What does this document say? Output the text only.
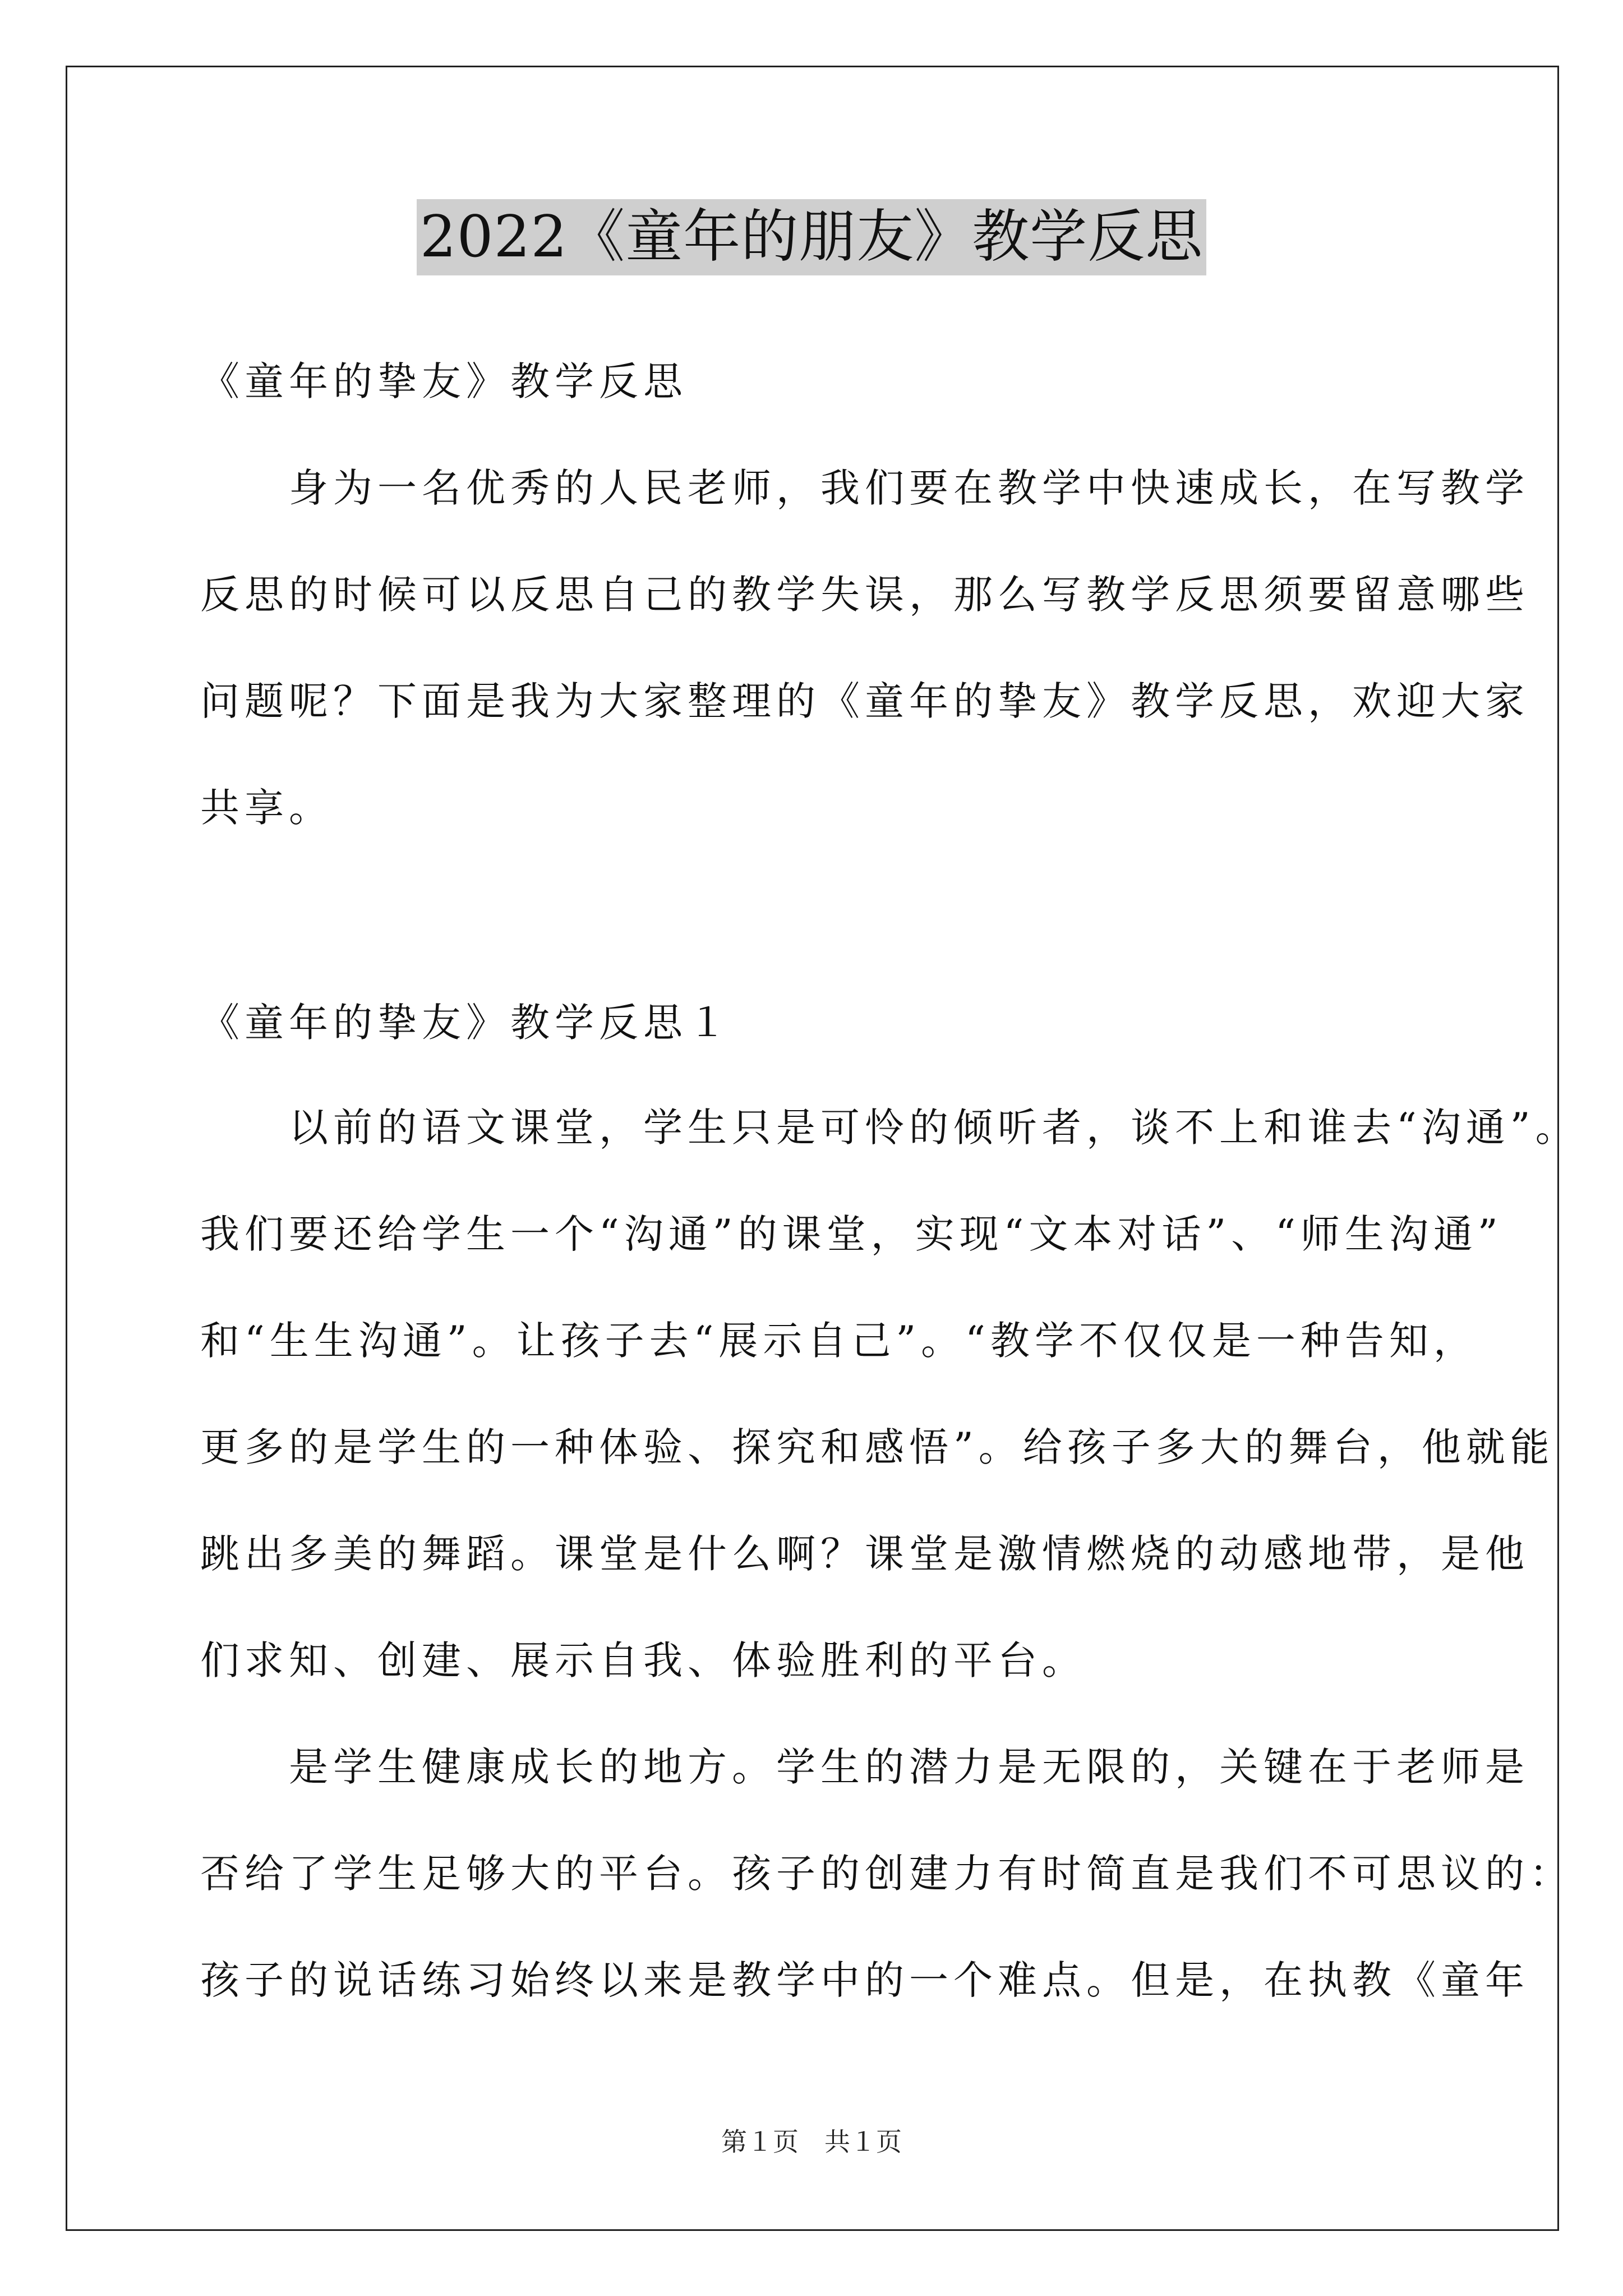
2022《童年的朋友》教学反思
《童年的挚友》教学反思
　　身为一名优秀的人民老师，我们要在教学中快速成长，在写教学
反思的时候可以反思自己的教学失误，那么写教学反思须要留意哪些
问题呢？下面是我为大家整理的《童年的挚友》教学反思，欢迎大家
共享。
《童年的挚友》教学反思１
　　以前的语文课堂，学生只是可怜的倾听者，谈不上和谁去“沟通”。
我们要还给学生一个“沟通”的课堂，实现“文本对话”、“师生沟通”
和“生生沟通”。让孩子去“展示自己”。“教学不仅仅是一种告知，
更多的是学生的一种体验、探究和感悟”。给孩子多大的舞台，他就能
跳出多美的舞蹈。课堂是什么啊？课堂是激情燃烧的动感地带，是他
们求知、创建、展示自我、体验胜利的平台。
　　是学生健康成长的地方。学生的潜力是无限的，关键在于老师是
否给了学生足够大的平台。孩子的创建力有时简直是我们不可思议的：
孩子的说话练习始终以来是教学中的一个难点。但是，在执教《童年
第１页　共１页
